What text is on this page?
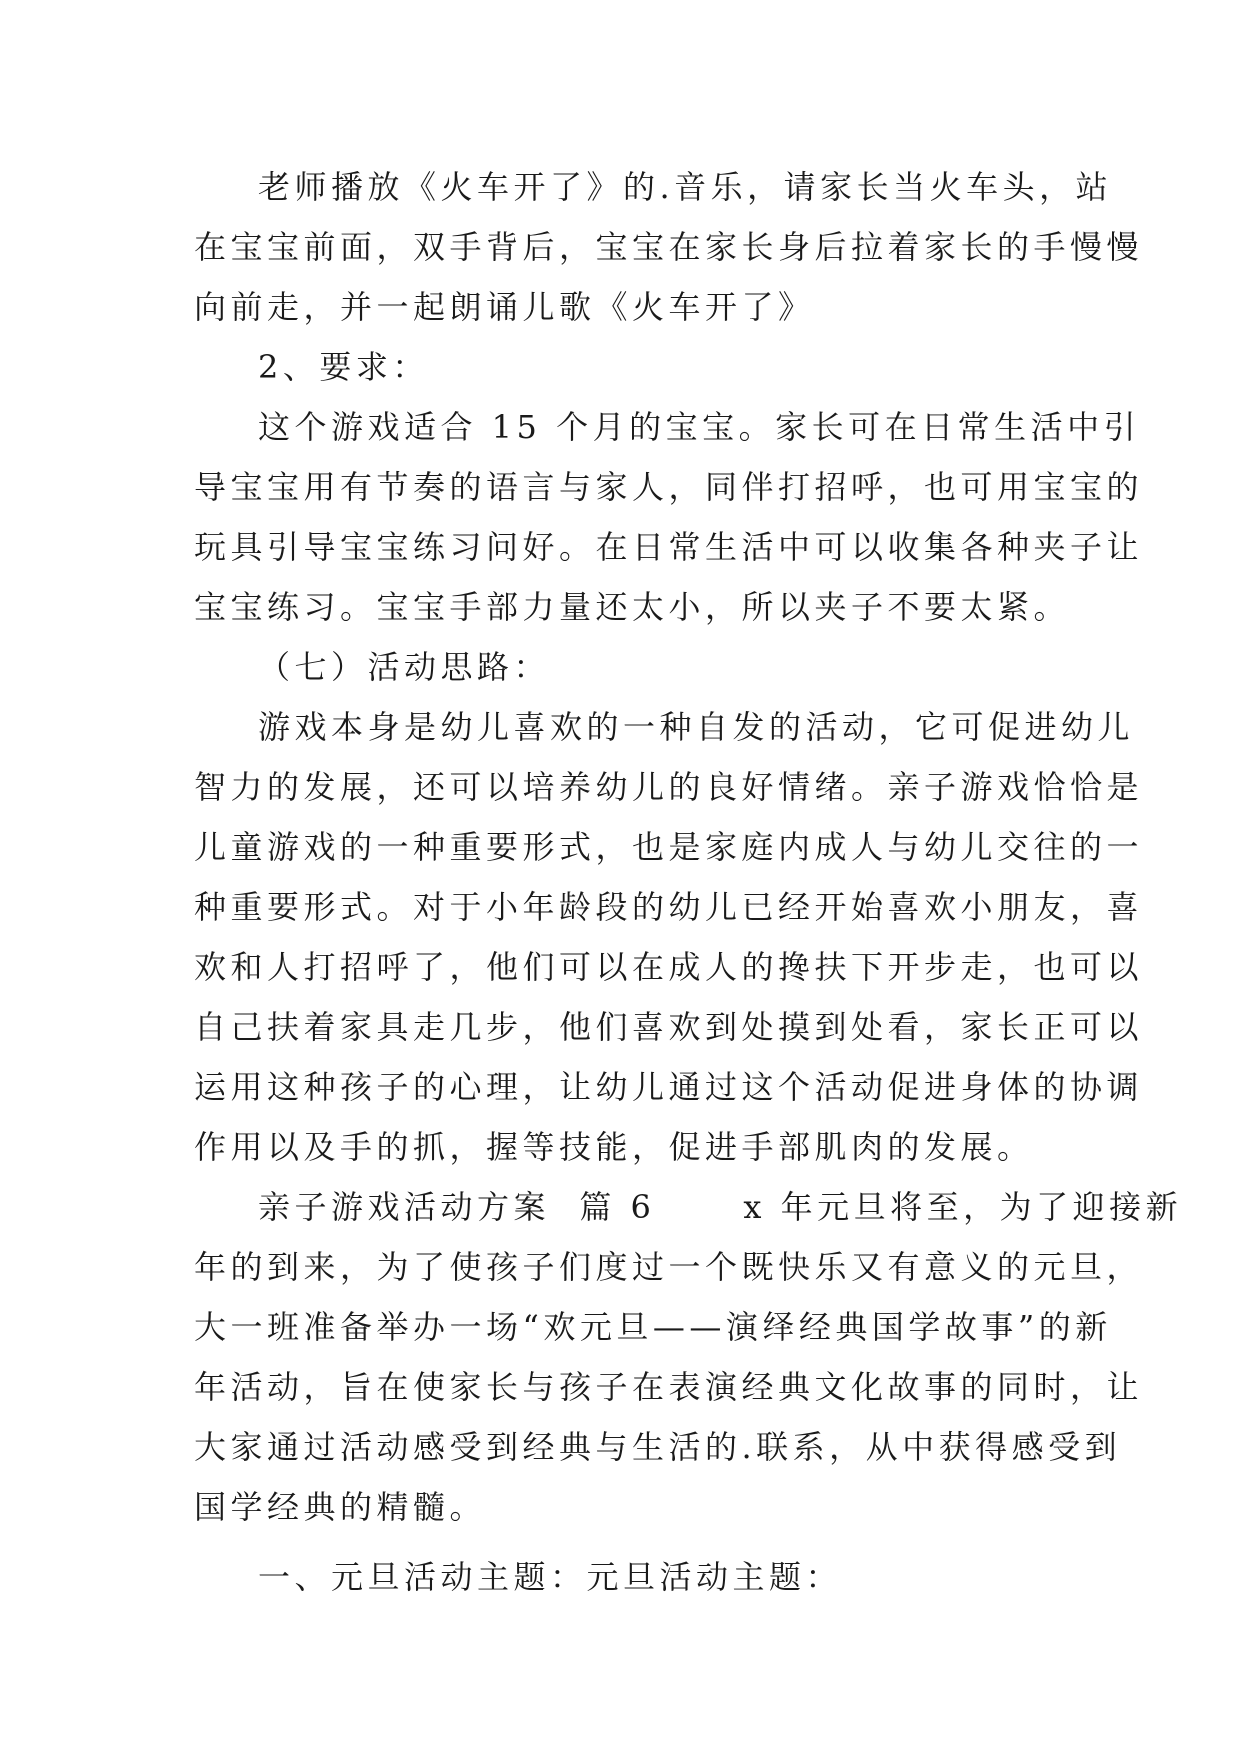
老师播放《火车开了》的.音乐，请家长当火车头，站
在宝宝前面，双手背后，宝宝在家长身后拉着家长的手慢慢
向前走，并一起朗诵儿歌《火车开了》
2、要求：
这个游戏适合 15 个月的宝宝。家长可在日常生活中引
导宝宝用有节奏的语言与家人，同伴打招呼，也可用宝宝的
玩具引导宝宝练习问好。在日常生活中可以收集各种夹子让
宝宝练习。宝宝手部力量还太小，所以夹子不要太紧。
（七）活动思路：
游戏本身是幼儿喜欢的一种自发的活动，它可促进幼儿
智力的发展，还可以培养幼儿的良好情绪。亲子游戏恰恰是
儿童游戏的一种重要形式，也是家庭内成人与幼儿交往的一
种重要形式。对于小年龄段的幼儿已经开始喜欢小朋友，喜
欢和人打招呼了，他们可以在成人的搀扶下开步走，也可以
自己扶着家具走几步，他们喜欢到处摸到处看，家长正可以
运用这种孩子的心理，让幼儿通过这个活动促进身体的协调
作用以及手的抓，握等技能，促进手部肌肉的发展。
亲子游戏活动方案  篇 6      x 年元旦将至，为了迎接新
年的到来，为了使孩子们度过一个既快乐又有意义的元旦，
大一班准备举办一场“欢元旦——演绎经典国学故事”的新
年活动，旨在使家长与孩子在表演经典文化故事的同时，让
大家通过活动感受到经典与生活的.联系，从中获得感受到
国学经典的精髓。
一、元旦活动主题：元旦活动主题：
